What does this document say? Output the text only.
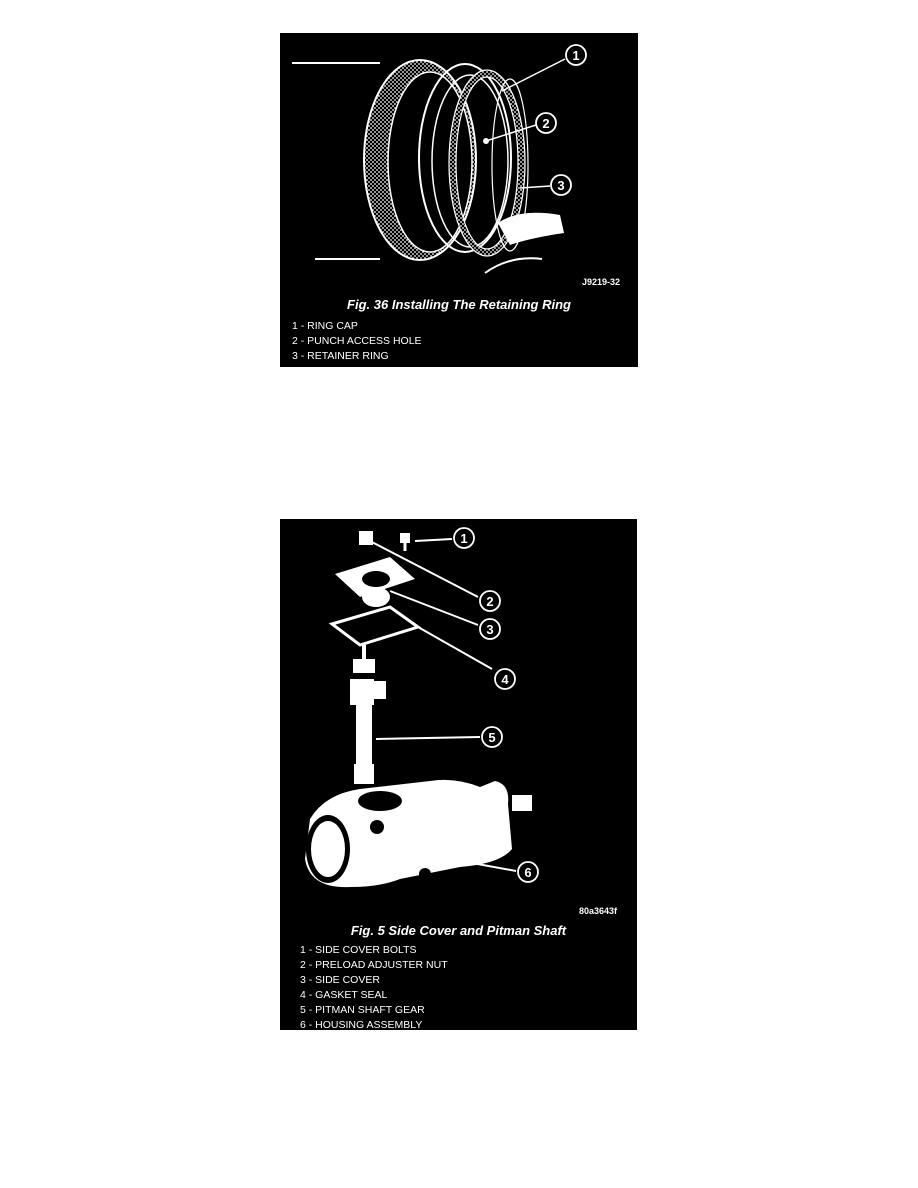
1
2
3
J9219-32
Fig. 36 Installing The Retaining Ring
1 - RING CAP
2 - PUNCH ACCESS HOLE
3 - RETAINER RING
1
2
3
4
5
6
80a3643f
Fig. 5 Side Cover and Pitman Shaft
1 - SIDE COVER BOLTS
2 - PRELOAD ADJUSTER NUT
3 - SIDE COVER
4 - GASKET SEAL
5 - PITMAN SHAFT GEAR
6 - HOUSING ASSEMBLY
